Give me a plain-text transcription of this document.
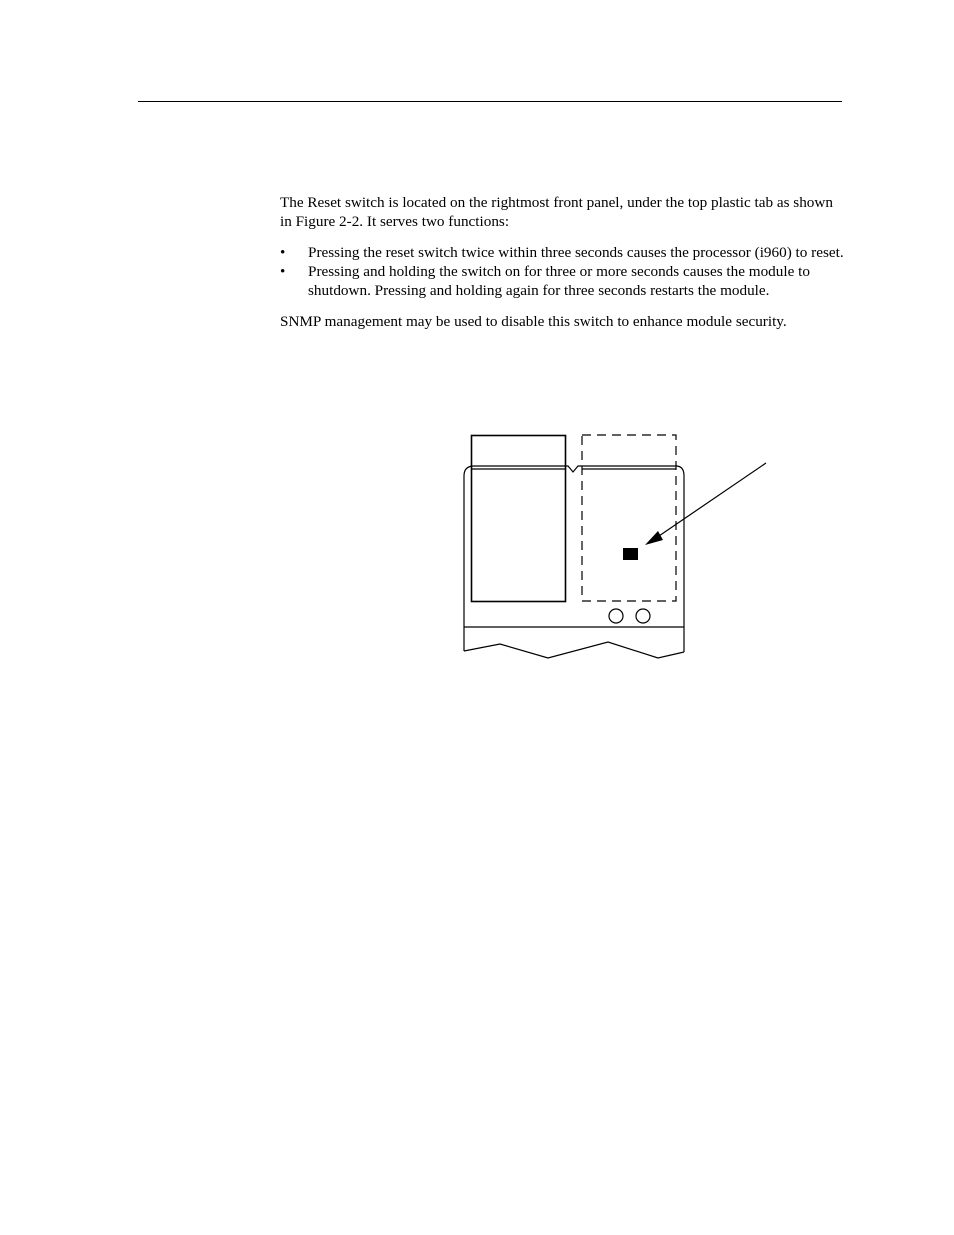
The Reset switch is located on the rightmost front panel, under the top plastic tab as shown in Figure 2-2. It serves two functions:

• Pressing the reset switch twice within three seconds causes the processor (i960) to reset.
• Pressing and holding the switch on for three or more seconds causes the module to shutdown. Pressing and holding again for three seconds restarts the module.

SNMP management may be used to disable this switch to enhance module security.
